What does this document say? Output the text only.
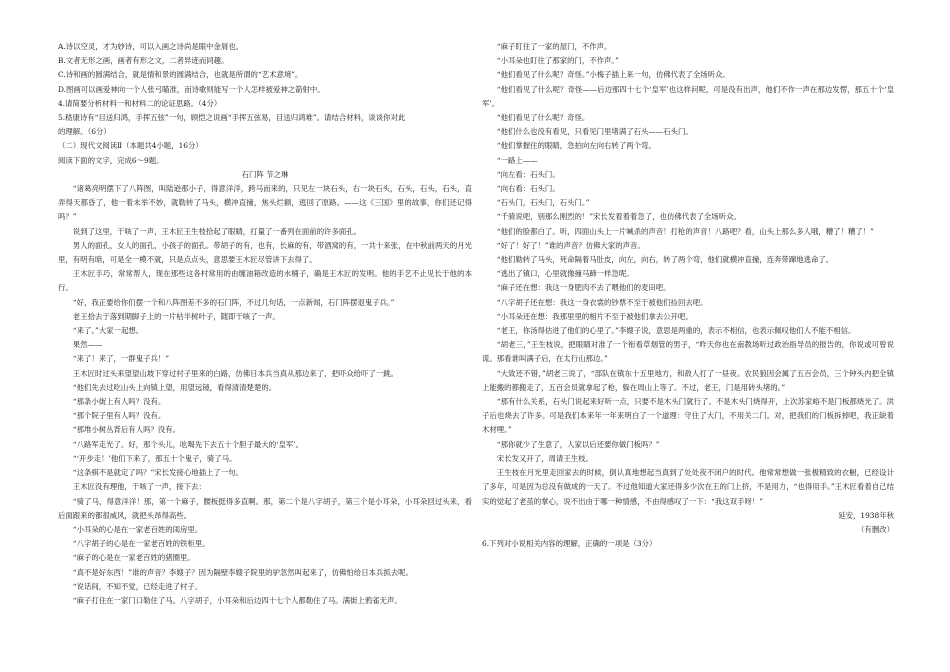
A.诗以空灵，才为妙诗，可以入画之诗尚是眼中金屑也。
B.文者无形之画，画者有形之文，二者异迹而同趣。
C.诗和画的圆满结合，就是情和景的圆满结合，也就是所谓的“艺术意境”。
D.图画可以画爱神向一个人张弓瞄准，而诗歌则能写一个人怎样被爱神之箭射中。
4.请简要分析材料一和材料二的论证思路。（4分）
5.嵇康诗有“目送归鸿，手挥五弦”一句，顾恺之说画“手挥五弦易，目送归鸿难”。请结合材料，谈谈你对此
的理解。（6分）
（二）现代文阅读Ⅱ（本题共4小题，16分）
阅读下面的文字，完成6～9题。
石门阵 节之琳

“诸葛亮明摆下了八阵图，叫陆逊那小子，得意洋洋，跨马而来的，只见左一块石头，右一块石头，石头，石头，石头，直弄得天都昏了，他一着未举不妙，就勒转了马头，横冲直撞，焦头烂额，逃回了原路。——这《三国》里的故事，你们还记得吗？”

说到了这里，干咳了一声，王木匠王生枝拾起了眼睛，打量了一番列在面前的许多面孔。

男人的面孔，女人的面孔，小孩子的面孔。带胡子的有，也有，长麻的有，带酒窝的有，一共十来张，在中秋前两天的月光里，有明有暗，可是全一模不就，只是点点头，意思要王木匠尽管讲下去得了。

王木匠手巧，常常帮人，现在那些这各村常用的由缠油箱改造的水桶子，确是王木匠的发明。他的手艺不止见长于他的本行。

“好，我正要给你们摆一个和八阵图差不多的石门阵，不过几句话，一点新闻，石门阵摆退鬼子兵。”

老王拾去于落到期脚子上的一片枯半树叶子，随即干咳了一声。

“来了。”大家一起想。

果然——

“来了！来了，一群鬼子兵！”

王木匠时过头来望望山坡下穿过村子里来的白路，仿佛日本兵当真从那边来了，把吓众给吓了一跳。

“他们先去过吃山头上向镇上望，用望远镜，看得清清楚楚的。

“那条小街上有人吗？没有。

“那个院子里有人吗？没有。

“那堆小树丛背后有人吗？没有。

“八路军走光了。好，那个头儿，吆喝先下去五十个胆子最大的‘皇军’。

“‘开步走！’他们下来了，那五十个鬼子，骑了马。

“这条棋不是就定了吗？”宋长发接心地插上了一句。

王木匠没有理他，干咳了一声，接下去：

“骑了马，得意洋洋！那，第一个麻子，腰板挺得多直啊。那，第二个是八字胡子，第三个是小耳朵，小耳朵回过头来，看后面跟来的都很威风，就把头昂得高些。

“小耳朵的心是在一家老百姓的闺房里。

“八字胡子的心是在一家老百姓的铁柜里。

“麻子的心是在一家老百姓的猪圈里。

“真不是好东西！”谁的声音？李嫂子？因为隔壁李嫂子院里的驴忽然叫起来了，仿佛怕给日本兵抓去呢。

“说话间，不知不觉，已经走进了村子。

“麻子打住在一家门口勒住了马。八字胡子，小耳朵和后边四十七个人都勒住了马。满街上鸦雀无声。

“麻子盯住了一家的屋门，不作声。

“小耳朵也盯住了那家的门，不作声。”

“他们看见了什么呢？奇怪。”小梅子插上来一句，仿佛代表了全场听众。

“他们看见了什么呢？奇怪——后边那四十七个‘皇军’也这样问呢，可是没有出声，他们不作一声在那边发愣，那五十个‘皇军’。

“他们看见了什么呢？奇怪。

“他们什么也没有看见，只看见门里堵满了石头——石头门。

“他们掌握住的眼睛，急拍向左向右转了两个弯。

“一路上——

“向左看：石头门。

“向右看：石头门。

“石头门，石头门，石头门。”

“千骑说吧，别那么刚烈的！”宋长发着着着急了，也仿佛代表了全场听众。

“他们的脸都白了。听，四面山头上一片喊杀的声音！打枪的声音！八路吧？看，山头上那么多人哦，糟了！糟了！”

“好了！好了！”谁的声音？仿佛大家的声音。

“他们勒转了马头，死命隔着马肚皮，向左，向右，转了两个弯，他们就横冲直撞，连奔带蹿地逃命了。

“逃出了镇口，心里就像撞马蹄一样急呢。

“麻子还在想：我这一身肥肉不去了喂他们的麦田吧。

“八字胡子还在想：我这一身衣裳的钞票不至于被他们捡回去吧。

“小耳朵还在想：我那里里的相片不至于被他们拿去公开吧。

“老王，你汤得估进了他们的心里了。”李嫂子说，意思是两重的，表示不相信，也表示佩叹他们人不能不相信。

“胡老三，”王生枝说，把眼睛对准了一个衔看草烟管的男子，“昨天你也在南教场听过政治指导员的报告的，你说或可曾说谎。那看谁叫满子后，在太行山那边。”

“大致还不错，”胡老三说了，“部队在镇东十五里地方，和敌人打了一昼夜。农民狼因会属了五百会员，三个钟头内把全镇上能搬的都搬走了，五百会员就拿起了枪，躲在周山上等了。不过，老王，门是用砖头堵的。”

“那有什么关系，石头门说起来好听一点，只要不是木头门就行了。不是木头门烧得开，上次苏家峪不是门板都烧光了。洪子后也烧去了许多。可是我们本来年一年来明白了一个道理：守住了大门，不用关二门。对，把我们的门板拆掉吧，我正缺着木材哩。”

“那你就少了生意了，人家以后还要你做门板吗？”

宋长发又开了，周请王生枝。

王生枝在月光里走回家去的时候，倒认真地想起当真到了处处夜不闭户的时代。他常常想做一张极精致的衣橱，已经设计了多年，可是因为总没有做成的一天了。不过他知道大家还得多少次在王的门上挤，不是用力，“也得用手。”王木匠看着自己结实的觉起了老茧的掌心，说不出由于哪一种情感，不由得感叹了一下：“我这双手呀！”

延安，1938年秋
（有删改）
6.下列对小说相关内容的理解，正确的一项是（3分）
